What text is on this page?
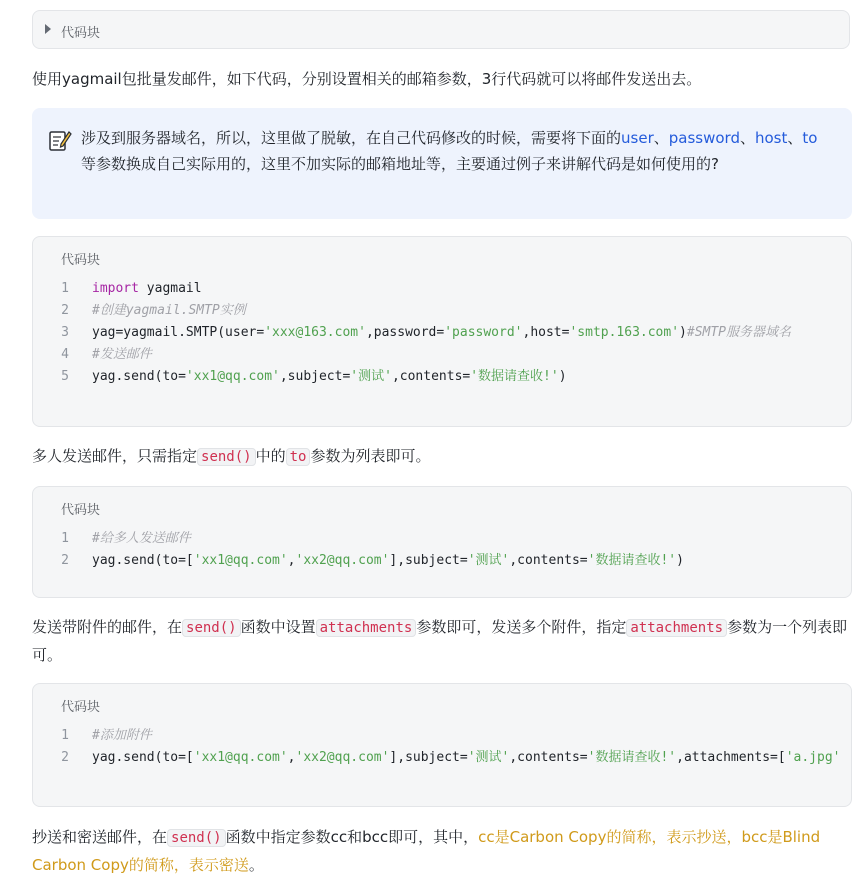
代码块
使用yagmail包批量发邮件，如下代码，分别设置相关的邮箱参数，3行代码就可以将邮件发送出去。
涉及到服务器域名，所以，这里做了脱敏，在自己代码修改的时候，需要将下面的user、password、host、to等参数换成自己实际用的，这里不加实际的邮箱地址等，主要通过例子来讲解代码是如何使用的?
代码块
1 import yagmail
2 #创建yagmail.SMTP实例
3 yag=yagmail.SMTP(user='xxx@163.com',password='password',host='smtp.163.com')#SMTP服务器域名
4 #发送邮件
5 yag.send(to='xx1@qq.com',subject='测试',contents='数据请查收!')
多人发送邮件，只需指定 send() 中的 to 参数为列表即可。
代码块
1 #给多人发送邮件
2 yag.send(to=['xx1@qq.com','xx2@qq.com'],subject='测试',contents='数据请查收!')
发送带附件的邮件，在 send() 函数中设置 attachments 参数即可，发送多个附件，指定 attachments 参数为一个列表即可。
代码块
1 #添加附件
2 yag.send(to=['xx1@qq.com','xx2@qq.com'],subject='测试',contents='数据请查收!',attachments=['a.jpg'
抄送和密送邮件，在 send() 函数中指定参数cc和bcc即可，其中，cc是Carbon Copy的简称，表示抄送，bcc是Blind Carbon Copy的简称，表示密送。
